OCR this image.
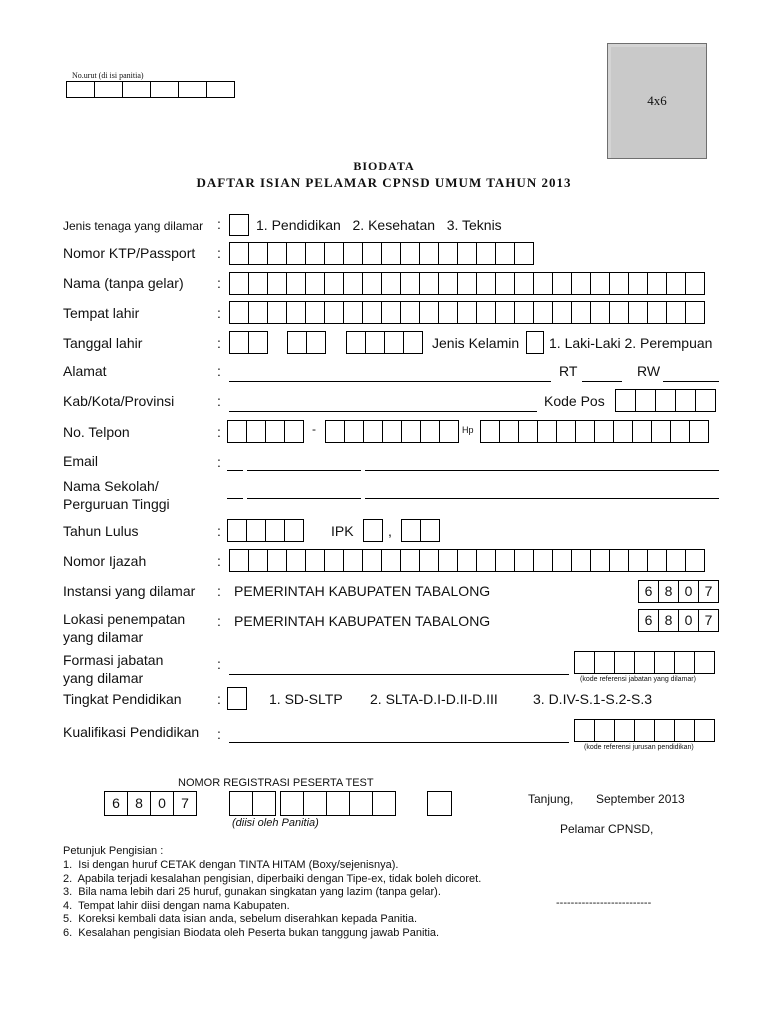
No.urut (di isi panitia)
4x6
BIODATA
DAFTAR ISIAN PELAMAR CPNSD UMUM TAHUN 2013
Jenis tenaga yang dilamar :	1. Pendidikan   2. Kesehatan   3. Teknis
Nomor KTP/Passport :
Nama (tanpa gelar) :
Tempat lahir	:
Tanggal lahir	:	Jenis Kelamin 1. Laki-Laki 2. Perempuan
Alamat	:	RT	RW
Kab/Kota/Provinsi	:	Kode Pos
No. Telpon	:	-	Hp
Email	:
Nama Sekolah/
Perguruan Tinggi
Tahun Lulus	:	IPK ,
Nomor Ijazah	:
Instansi yang dilamar : PEMERINTAH KABUPATEN TABALONG	6 8 0 7
Lokasi penempatan
yang dilamar
: PEMERINTAH KABUPATEN TABALONG	6 8 0 7
Formasi jabatan
yang dilamar
:
(kode referensi jabatan yang dilamar)
Tingkat Pendidikan	:	1. SD-SLTP 2. SLTA-D.I-D.II-D.III	3. D.IV-S.1-S.2-S.3
Kualifikasi Pendidikan :
(kode referensi jurusan pendidikan)
NOMOR REGISTRASI PESERTA TEST
6	8	0	7
(diisi oleh Panitia)
Tanjung, September 2013
Pelamar CPNSD,
--------------------------
Petunjuk Pengisian :
1.  Isi dengan huruf CETAK dengan TINTA HITAM (Boxy/sejenisnya).
2.  Apabila terjadi kesalahan pengisian, diperbaiki dengan Tipe-ex, tidak boleh dicoret.
3.  Bila nama lebih dari 25 huruf, gunakan singkatan yang lazim (tanpa gelar).
4.  Tempat lahir diisi dengan nama Kabupaten.
5.  Koreksi kembali data isian anda, sebelum diserahkan kepada Panitia.
6.  Kesalahan pengisian Biodata oleh Peserta bukan tanggung jawab Panitia.
